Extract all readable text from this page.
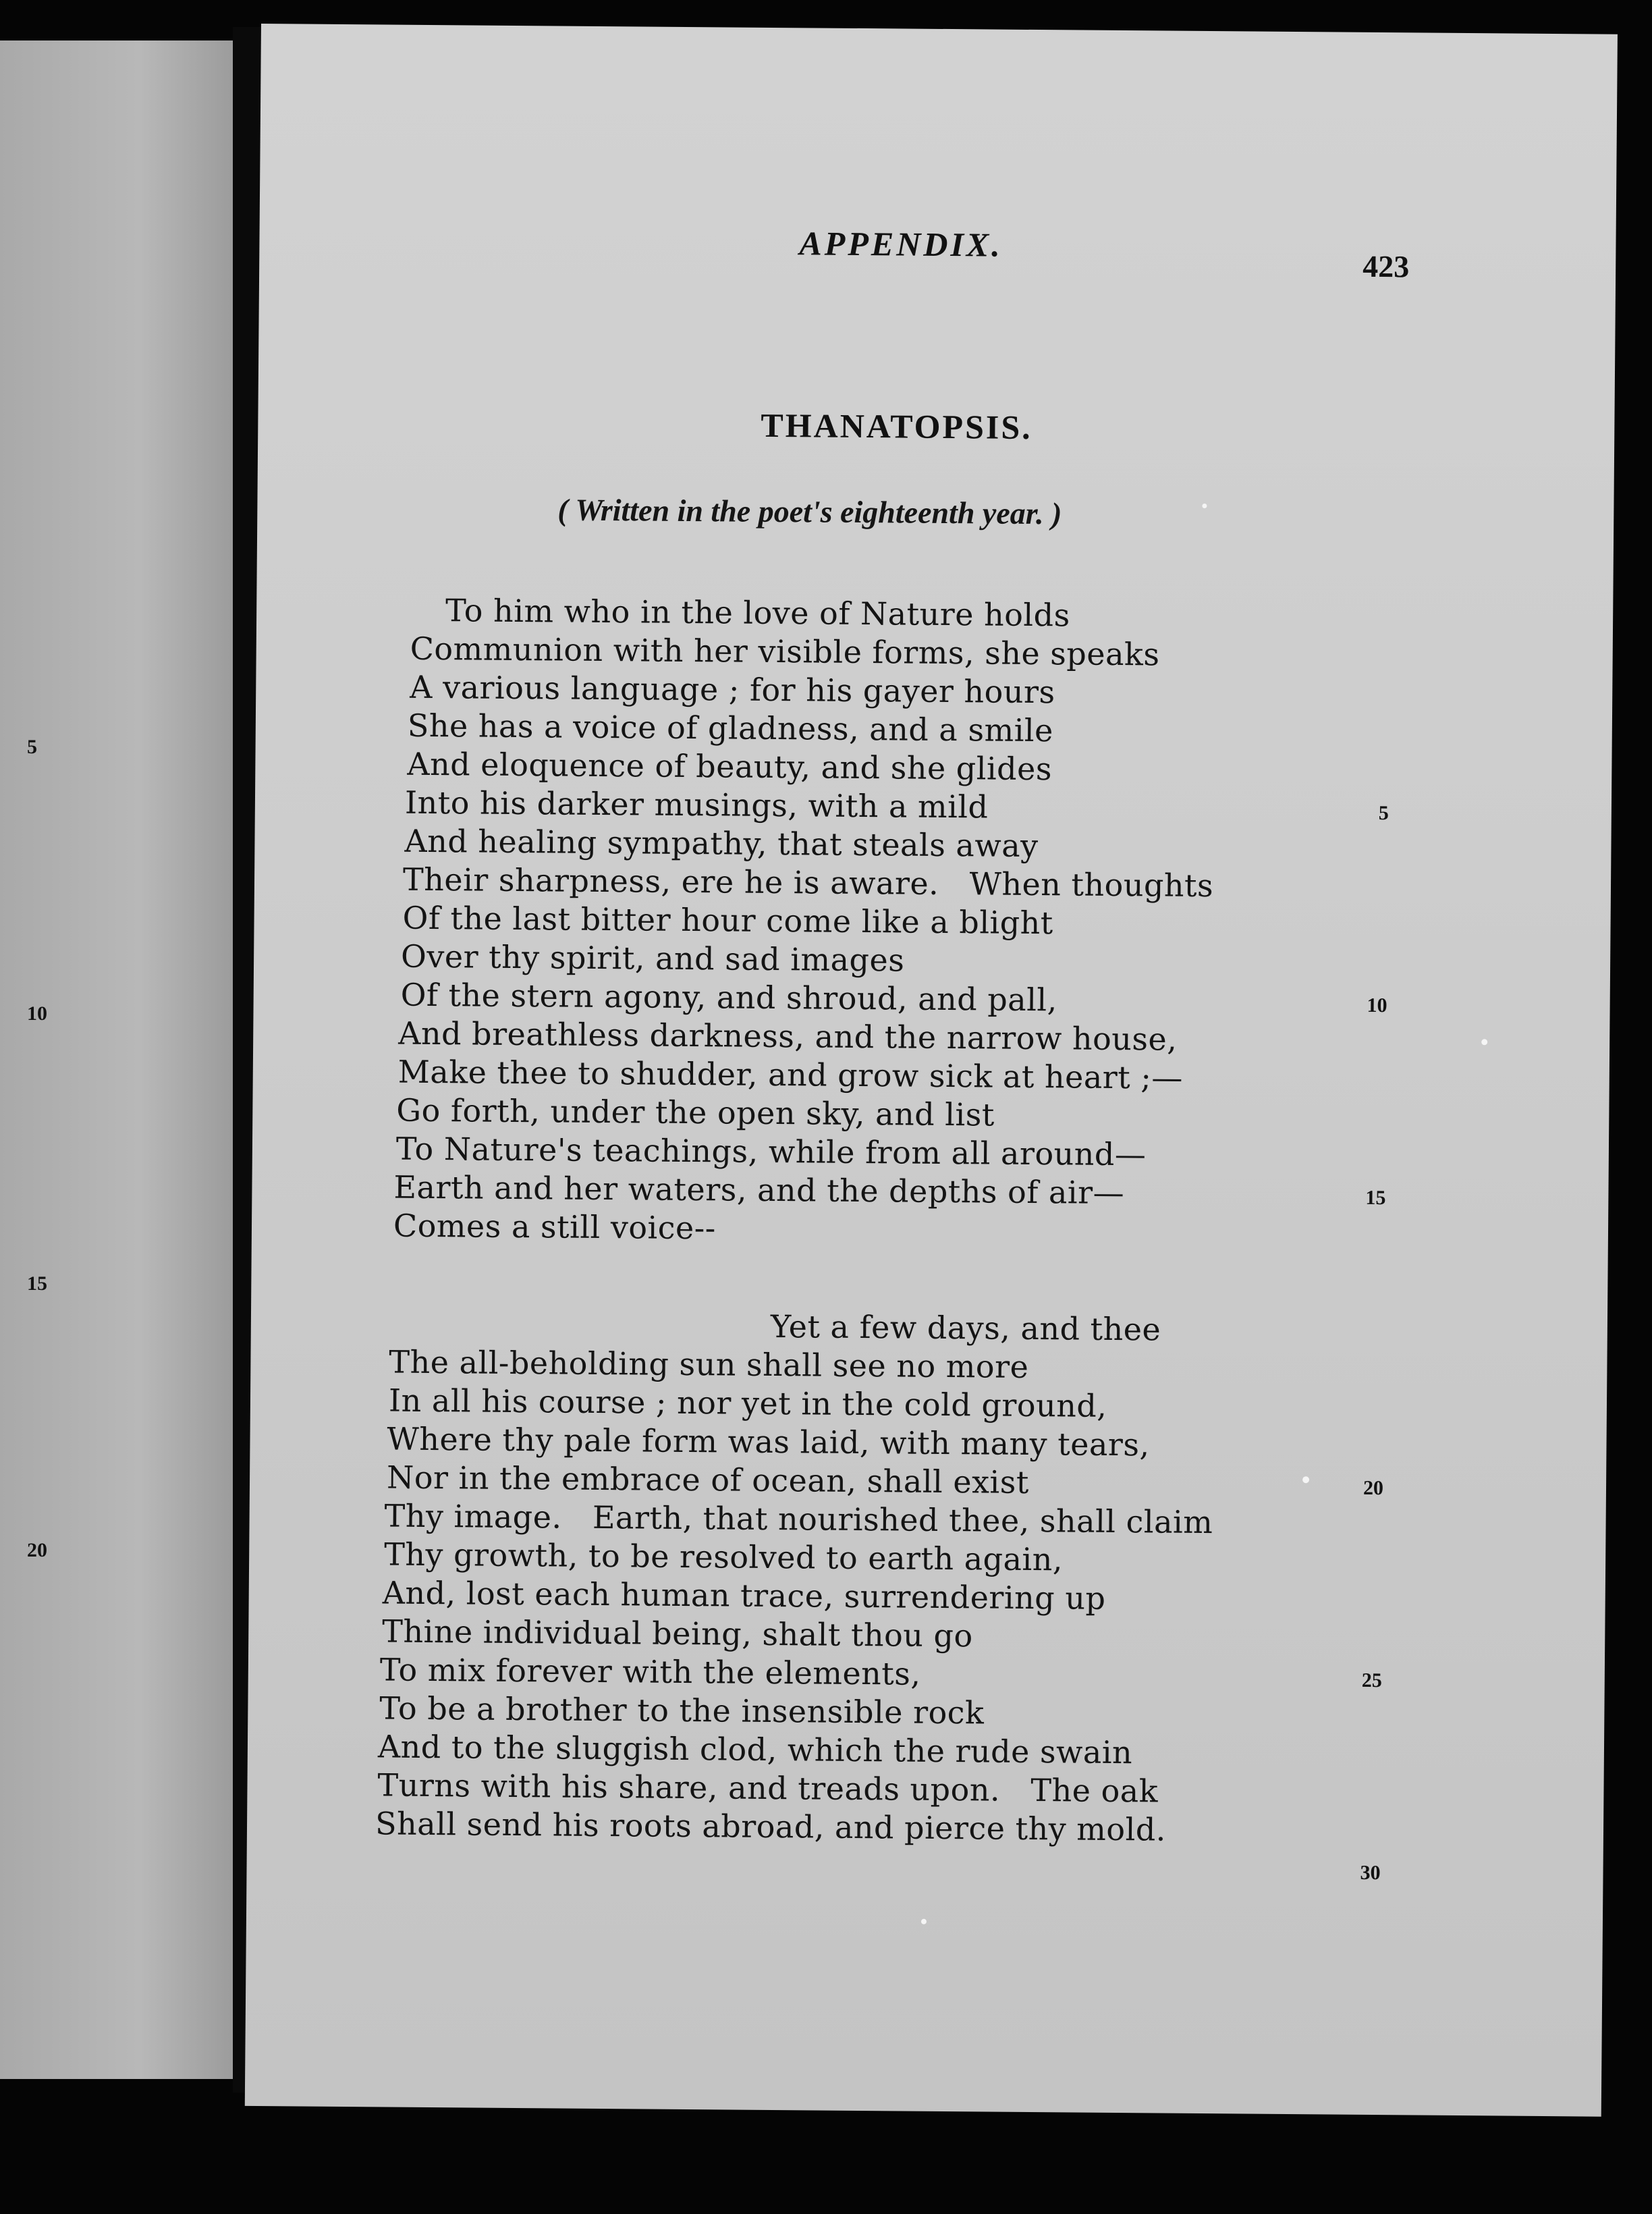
5
10
15
20
APPENDIX.
423
THANATOPSIS.
( Written in the poet's eighteenth year. )
To him who in the love of Nature holds
Communion with her visible forms, she speaks
A various language ; for his gayer hours
She has a voice of gladness, and a smile
And eloquence of beauty, and she glides
Into his darker musings, with a mild
And healing sympathy, that steals away
Their sharpness, ere he is aware.   When thoughts
Of the last bitter hour come like a blight
Over thy spirit, and sad images
Of the stern agony, and shroud, and pall,
And breathless darkness, and the narrow house,
Make thee to shudder, and grow sick at heart ;—
Go forth, under the open sky, and list
To Nature's teachings, while from all around—
Earth and her waters, and the depths of air—
Comes a still voice--
Yet a few days, and thee
The all-beholding sun shall see no more
In all his course ; nor yet in the cold ground,
Where thy pale form was laid, with many tears,
Nor in the embrace of ocean, shall exist
Thy image.   Earth, that nourished thee, shall claim
Thy growth, to be resolved to earth again,
And, lost each human trace, surrendering up
Thine individual being, shalt thou go
To mix forever with the elements,
To be a brother to the insensible rock
And to the sluggish clod, which the rude swain
Turns with his share, and treads upon.   The oak
Shall send his roots abroad, and pierce thy mold.
5
10
15
20
25
30
